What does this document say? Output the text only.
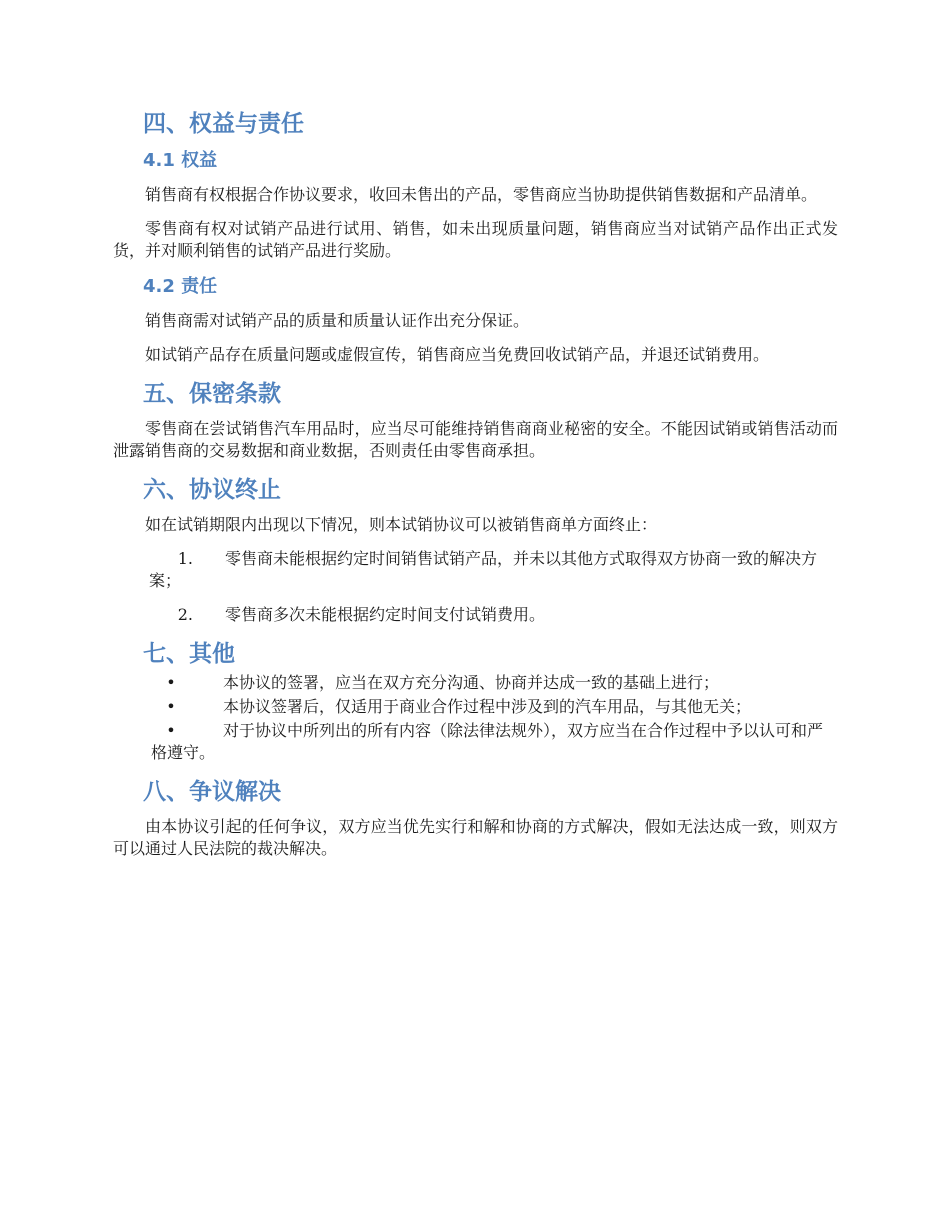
四、权益与责任
4.1 权益

销售商有权根据合作协议要求，收回未售出的产品，零售商应当协助提供销售数据和产品清单。

零售商有权对试销产品进行试用、销售，如未出现质量问题，销售商应当对试销产品作出正式发货，并对顺利销售的试销产品进行奖励。

4.2 责任

销售商需对试销产品的质量和质量认证作出充分保证。

如试销产品存在质量问题或虚假宣传，销售商应当免费回收试销产品，并退还试销费用。

五、保密条款

零售商在尝试销售汽车用品时，应当尽可能维持销售商商业秘密的安全。不能因试销或销售活动而泄露销售商的交易数据和商业数据，否则责任由零售商承担。

六、协议终止

如在试销期限内出现以下情况，则本试销协议可以被销售商单方面终止：

1. 零售商未能根据约定时间销售试销产品，并未以其他方式取得双方协商一致的解决方案；
2. 零售商多次未能根据约定时间支付试销费用。
七、其他
•	本协议的签署，应当在双方充分沟通、协商并达成一致的基础上进行；
•	本协议签署后，仅适用于商业合作过程中涉及到的汽车用品，与其他无关；
•	对于协议中所列出的所有内容（除法律法规外），双方应当在合作过程中予以认可和严格遵守。
八、争议解决

由本协议引起的任何争议，双方应当优先实行和解和协商的方式解决，假如无法达成一致，则双方可以通过人民法院的裁决解决。
